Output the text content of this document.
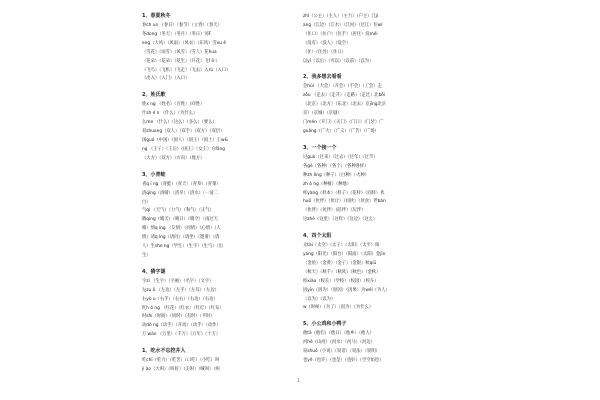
1、春夏秋冬
春ch un （春日）（春节）（立春）（春天）
冬dong（冬天）（冬月）（冬日）冈F
eng（大风）（风雨）（风衣）（东风）雪xu ě
（雪花）（雨雪）（风雪）（雪人）花hua
（花朵）（花朵）（花生）（开花）飞f ē i
（飞鸟）（飞机）（飞走）（飞去）入rǔ（入口）
（出入）（入门）（入口）
2、姓氏歌
姓x ng （姓名）（百姓）（同姓）
什sh é n （什么）（为什么）
么me （什么）（这么）（多么）（要么）
双shuang（双人）（双手）（双方）（双层）
国guó（中国）（国人）（国王）（国土）王w&
ng （王子）（王后）（国王）（女王）方fāng
（大方）（双方）（方向）（地方）
3、小青蛙
青q ī ng（青蛙）（青天）（青草）（青菜）
清qīng（清晴）（清早）（清水）（一清二
白）
气qì （天气）（力气）（和气）（正气）
睛qíng（晴天）（晴日）（晴空）（雨过天
晴）情q íng （友情）（同情）（心情）（人
情）请q ǐng（请问）（请坐）（邀请）（请
人）生she ng（学生）（生字）（生气）（出
生）
4、猜字谜
字zì （生字）（字画）（名字）（文字）
左zu ǒ （左边）（左手）（左耳）（左边）
右yò u（右手）（右右）（右边）（右边）
红h ó ng （红花）（红衣）（红灯）（红布）
时shí（时间）（同时）（有时）（平时）
动dò ng（动手）（开动）（动手）（动作）
万 wàn （万里）（千万）（万年）（十万）
1、吃水不忘挖井人
吃chī（吃力）（吃苦）（口吃）（小吃）叫
jì ào（大叫）（叫好）（尖叫）（喊叫）（叫
zhǐ（公主）（主人）（主力）（户主）江jì
ang（江边）（江水）（江河）（过江）住wǐ
（住口）（住户）（住手）（居住）没méi
（没有）（没人）（没空）
（住）（住处）（住口）
以yǐ（以后）（可以）（以前）（以为）
2、我多想去看看
会hùi （大会）（开会）（不会）（工会）走
zǒu （走去）（走开）（走路）（走过）北běi
（北京）（北方）（东北）（北去）京jīng北京
京）（京城）（京剧）
门mén（开门）（关门）（门口）（门牙）广
guǎng（广大）（广义）（广告）（广场）
3、一个接一个
过guò（过来）（过去）（过年）（过节）
各gè（各种）（各个）（各种各样）
种zh ǒng（种子）（白种）（火种）
zh ò ng（种植）（种地）
样yàng（样本）（样子）（花样）（同样）伙
huǒ（伙伴）（伙计）（同伙）（伙食）伴bàn
（伙伴）（伙伴）（陪伴）（玩伴）
这zhè（这里）（这样）（这边）（这么）
4、四个太阳
太tài（太空）（太子）（太阳）（太平）阳
yáng（阳光）（阳台）（阳面）（太阳）金jīn
（金鱼）（金黄）（金子）（金银）秋qiū
（秋天）（秋千）（秋风）（秋色）（金秋）
校xiào（校长）（学校）（校园）（校车）
因yīn（因为）（原因）（因果）为wéi（为人）
（以为）（以为）
w（时候）（为了）（因为）（为什么）
5、小公鸡和小鸭子
他tā（他们）（他日）（他乡）（他人）
河hé（山河）（河水）（河马）（河边）
说shuō（小说）（说话）（说法）（说明）
也yě（也许）（也是）（也好）（空空如也）
1
